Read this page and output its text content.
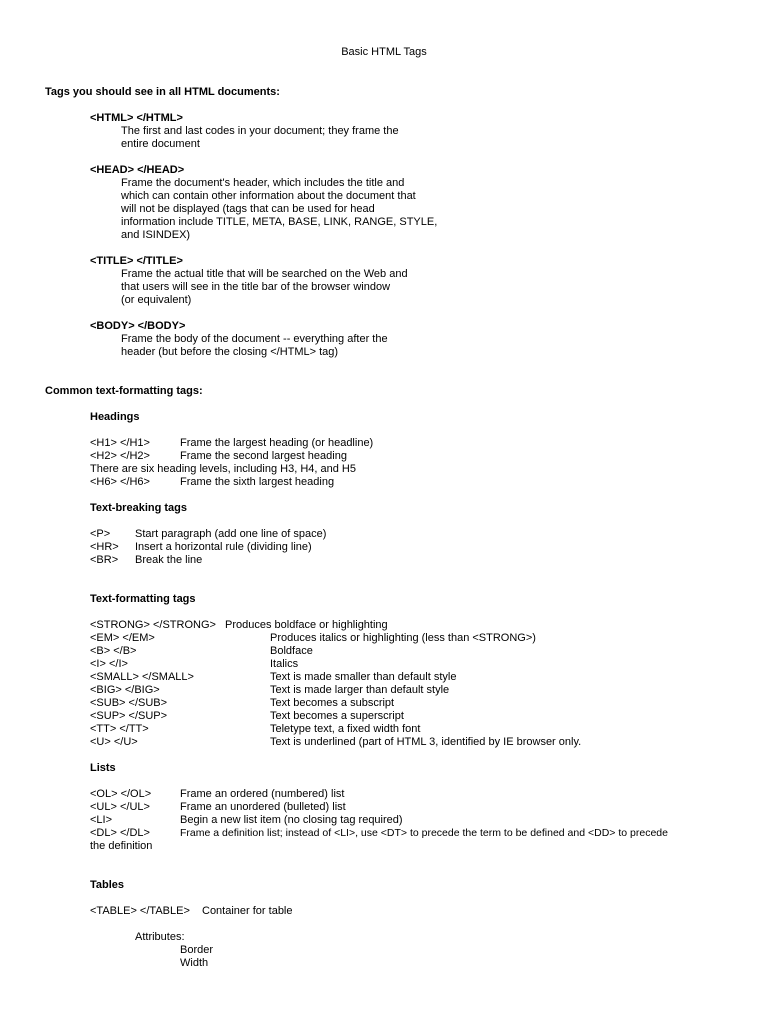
Basic HTML Tags
Tags you should see in all HTML documents:
<HTML> </HTML>
The first and last codes in your document; they frame the
entire document
<HEAD> </HEAD>
Frame the document's header, which includes the title and
which can contain other information about the document that
will not be displayed (tags that can be used for head
information include TITLE, META, BASE, LINK, RANGE, STYLE,
and ISINDEX)
<TITLE> </TITLE>
Frame the actual title that will be searched on the Web and
that users will see in the title bar of the browser window
(or equivalent)
<BODY> </BODY>
Frame the body of the document -- everything after the
header (but before the closing </HTML> tag)
Common text-formatting tags:
Headings
<H1> </H1>	Frame the largest heading (or headline)
<H2> </H2>	Frame the second largest heading
There are six heading levels, including H3, H4, and H5
<H6> </H6>	Frame the sixth largest heading
Text-breaking tags
<P> Start paragraph (add one line of space)
<HR> Insert a horizontal rule (dividing line)
<BR> Break the line
Text-formatting tags
<STRONG> </STRONG> Produces boldface or highlighting
<EM> </EM>	Produces italics or highlighting (less than <STRONG>)
<B> </B>	Boldface
<I> </I>	Italics
<SMALL> </SMALL>	Text is made smaller than default style
<BIG> </BIG>	Text is made larger than default style
<SUB> </SUB>	Text becomes a subscript
<SUP> </SUP>	Text becomes a superscript
<TT> </TT>	Teletype text, a fixed width font
<U> </U>	Text is underlined (part of HTML 3, identified by IE browser only.
Lists
<OL> </OL>	Frame an ordered (numbered) list
<UL> </UL>	Frame an unordered (bulleted) list
<LI>	Begin a new list item (no closing tag required)
<DL> </DL>	Frame a definition list; instead of <LI>, use <DT> to precede the term to be defined and <DD> to precede
the definition
Tables
<TABLE> </TABLE> Container for table
Attributes:
Border
Width
